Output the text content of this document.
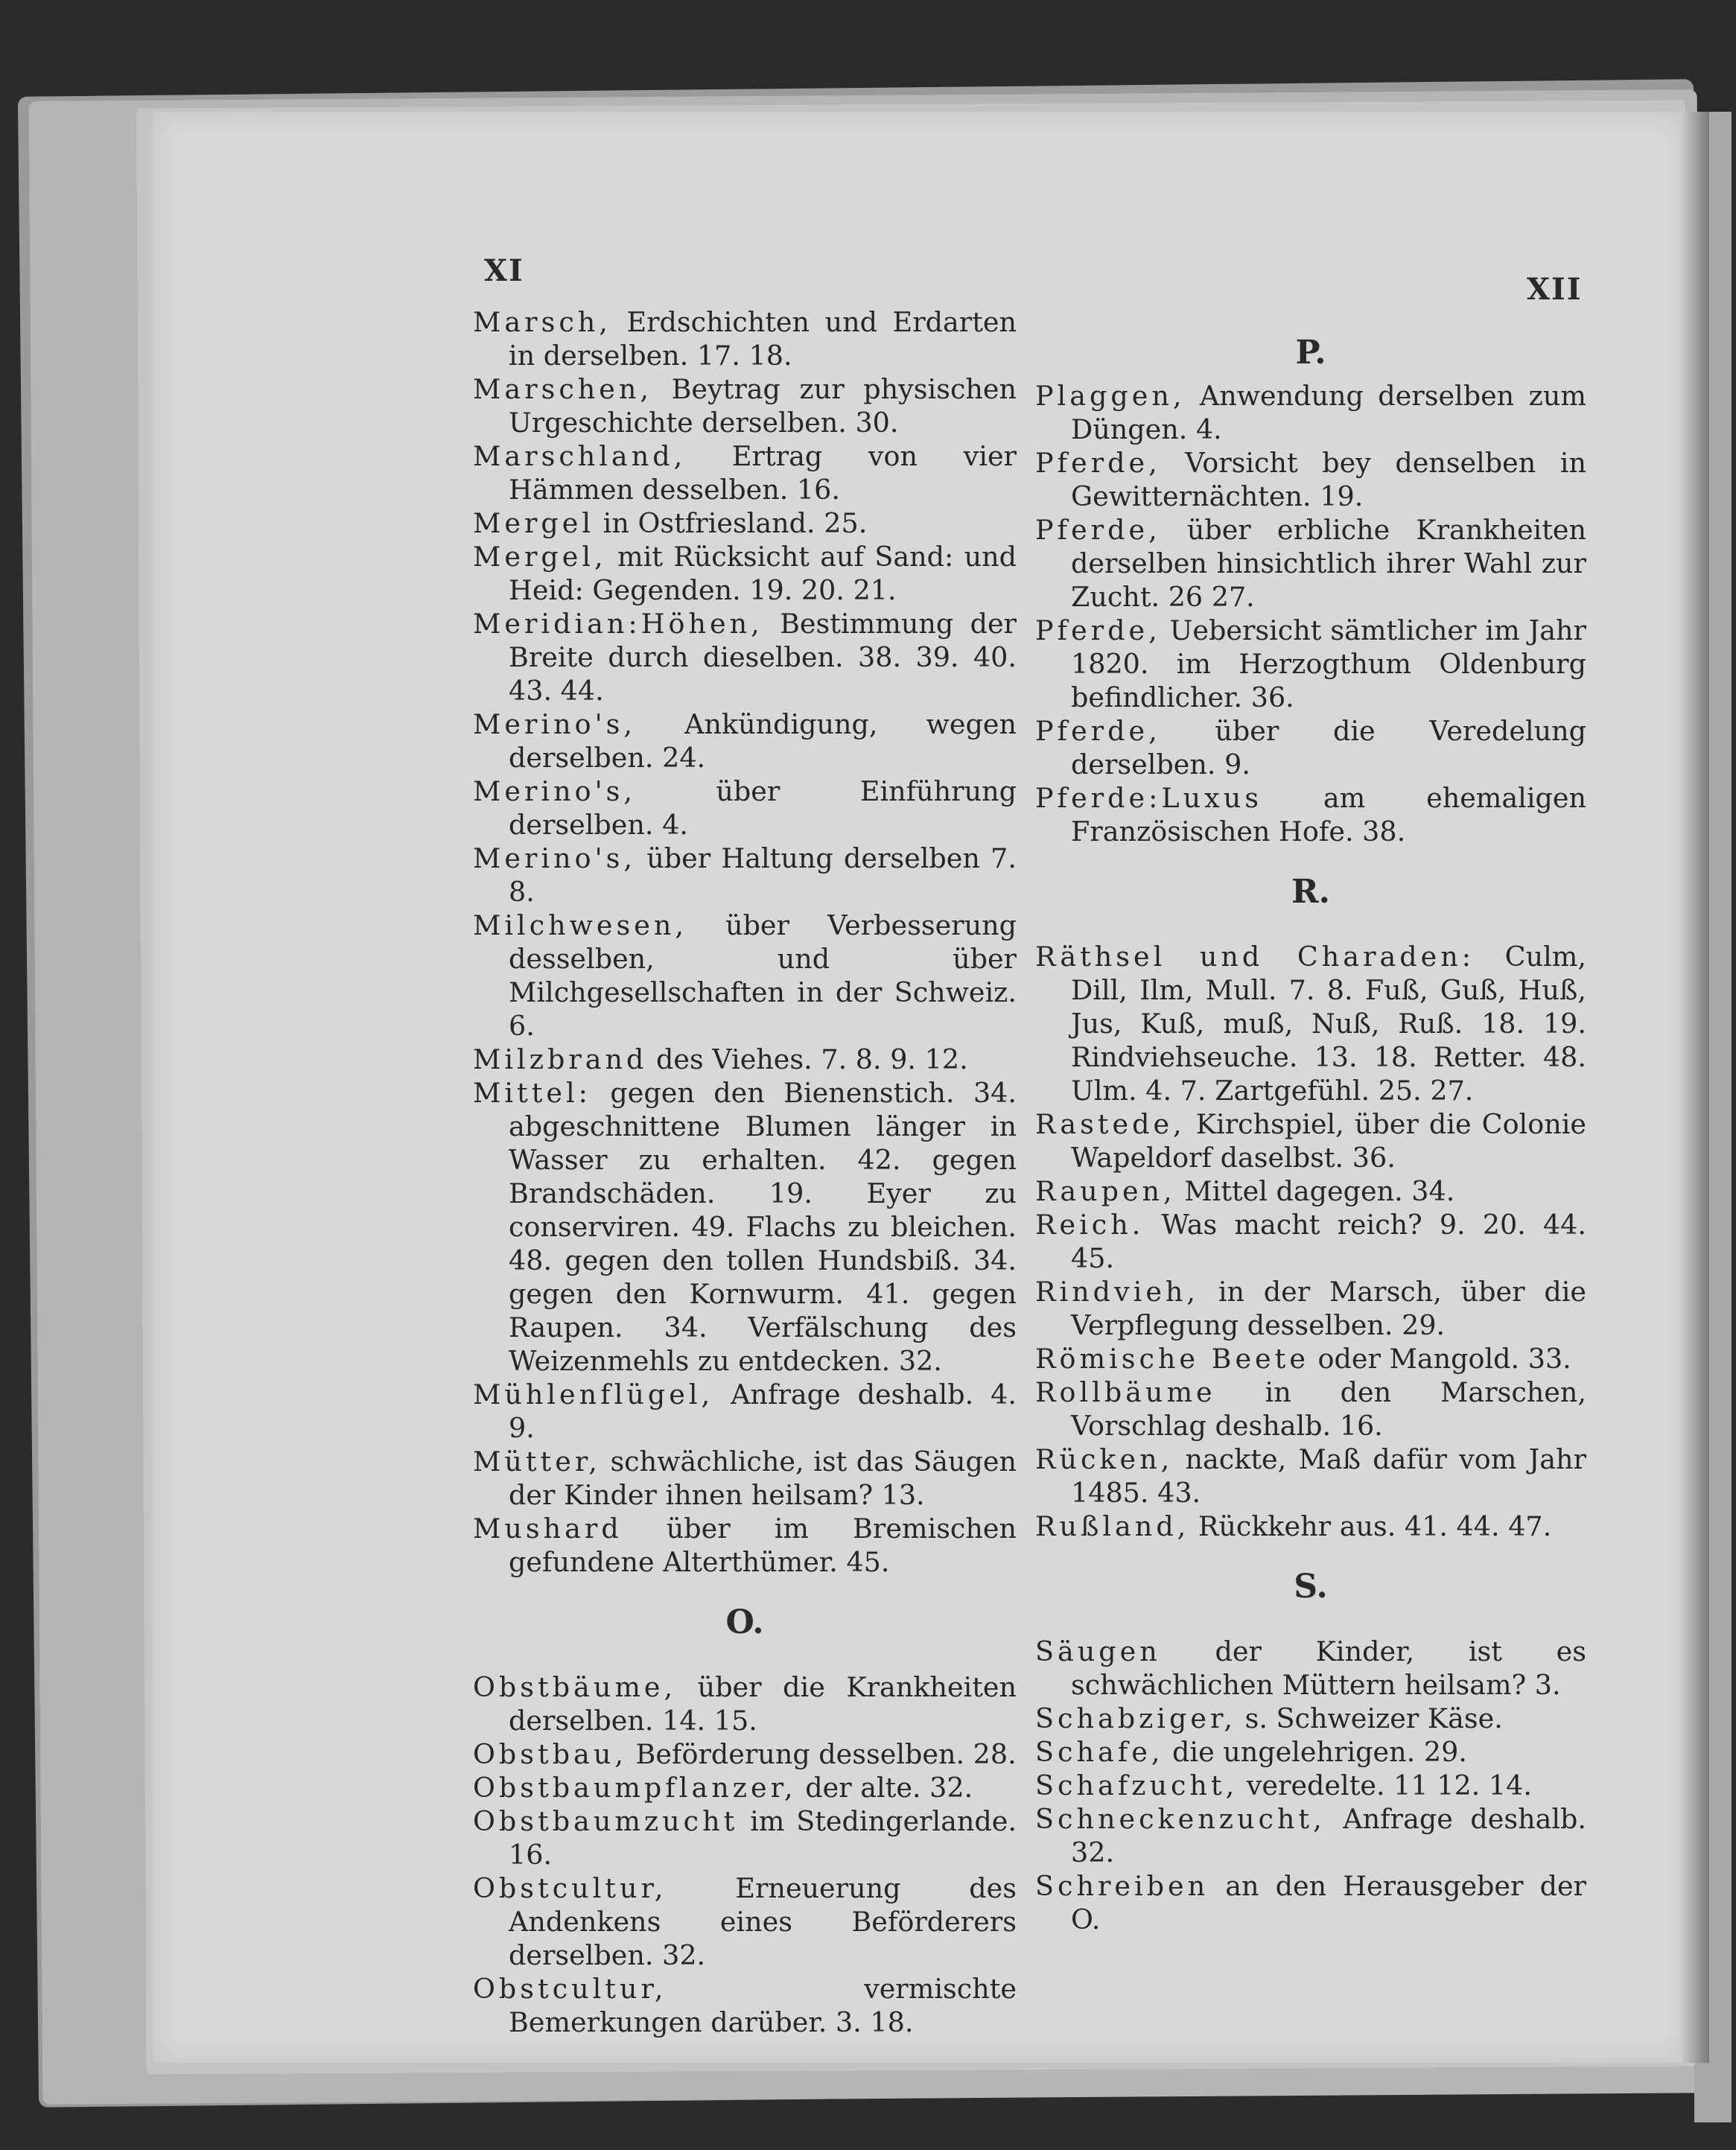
XI
XII

Marsch, Erdschichten und Erdarten in derselben. 17. 18.

Marschen, Beytrag zur physischen Urgeschichte derselben. 30.

Marschland, Ertrag von vier Hämmen desselben. 16.

Mergel in Ostfriesland. 25.

Mergel, mit Rücksicht auf Sand: und Heid: Gegenden. 19. 20. 21.

Meridian:Höhen, Bestimmung der Breite durch dieselben. 38. 39. 40. 43. 44.

Merino's, Ankündigung, wegen derselben. 24.

Merino's, über Einführung derselben. 4.

Merino's, über Haltung derselben 7. 8.

Milchwesen, über Verbesserung desselben, und über Milchgesellschaften in der Schweiz. 6.

Milzbrand des Viehes. 7. 8. 9. 12.

Mittel: gegen den Bienenstich. 34. abgeschnittene Blumen länger in Wasser zu erhalten. 42. gegen Brandschäden. 19. Eyer zu conserviren. 49. Flachs zu bleichen. 48. gegen den tollen Hundsbiß. 34. gegen den Kornwurm. 41. gegen Raupen. 34. Verfälschung des Weizenmehls zu entdecken. 32.

Mühlenflügel, Anfrage deshalb. 4. 9.

Mütter, schwächliche, ist das Säugen der Kinder ihnen heilsam? 13.

Mushard über im Bremischen gefundene Alterthümer. 45.

O.

Obstbäume, über die Krankheiten derselben. 14. 15.

Obstbau, Beförderung desselben. 28.

Obstbaumpflanzer, der alte. 32.

Obstbaumzucht im Stedingerlande. 16.

Obstcultur, Erneuerung des Andenkens eines Beförderers derselben. 32.

Obstcultur, vermischte Bemerkungen darüber. 3. 18.

P.

Plaggen, Anwendung derselben zum Düngen. 4.

Pferde, Vorsicht bey denselben in Gewitternächten. 19.

Pferde, über erbliche Krankheiten derselben hinsichtlich ihrer Wahl zur Zucht. 26 27.

Pferde, Uebersicht sämtlicher im Jahr 1820. im Herzogthum Oldenburg befindlicher. 36.

Pferde, über die Veredelung derselben. 9.

Pferde:Luxus am ehemaligen Französischen Hofe. 38.

R.

Räthsel und Charaden: Culm, Dill, Ilm, Mull. 7. 8. Fuß, Guß, Huß, Jus, Kuß, muß, Nuß, Ruß. 18. 19. Rindviehseuche. 13. 18. Retter. 48. Ulm. 4. 7. Zartgefühl. 25. 27.

Rastede, Kirchspiel, über die Colonie Wapeldorf daselbst. 36.

Raupen, Mittel dagegen. 34.

Reich. Was macht reich? 9. 20. 44. 45.

Rindvieh, in der Marsch, über die Verpflegung desselben. 29.

Römische Beete oder Mangold. 33.

Rollbäume in den Marschen, Vorschlag deshalb. 16.

Rücken, nackte, Maß dafür vom Jahr 1485. 43.

Rußland, Rückkehr aus. 41. 44. 47.

S.

Säugen der Kinder, ist es schwächlichen Müttern heilsam? 3.

Schabziger, s. Schweizer Käse.

Schafe, die ungelehrigen. 29.

Schafzucht, veredelte. 11 12. 14.

Schneckenzucht, Anfrage deshalb. 32.

Schreiben an den Herausgeber der O.
